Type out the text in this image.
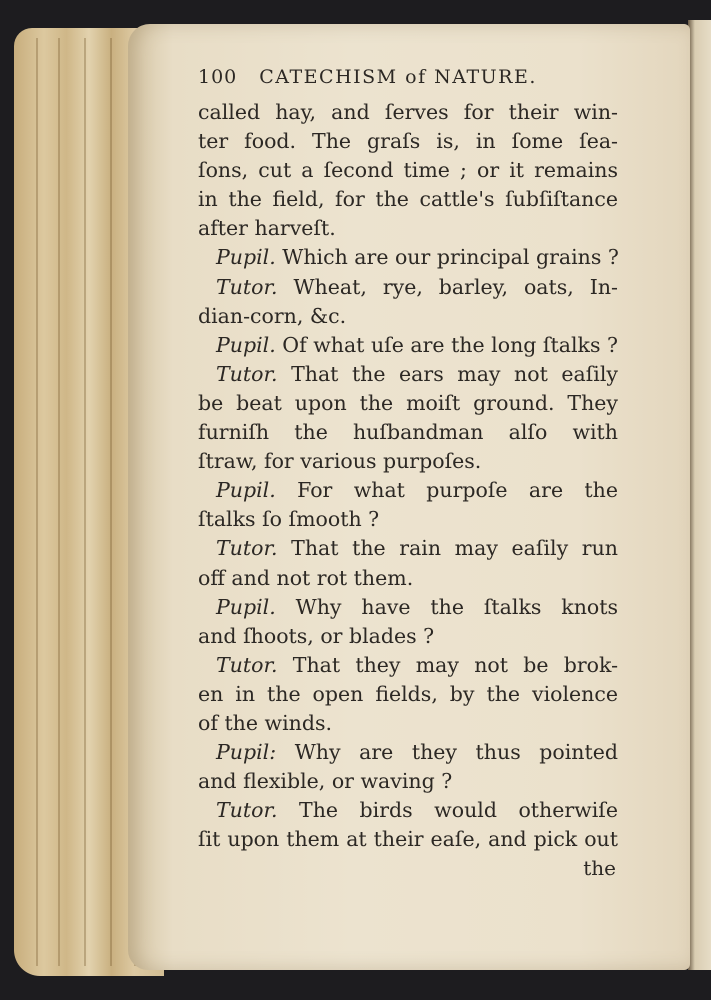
100 CATECHISM of NATURE.
called hay, and ſerves for their win-
ter food. The graſs is, in ſome ſea-
ſons, cut a ſecond time ; or it remains
in the field, for the cattle's ſubſiſtance
after harveſt.
Pupil. Which are our principal grains ?
Tutor. Wheat, rye, barley, oats, In-
dian-corn, &c.
Pupil. Of what uſe are the long ſtalks ?
Tutor. That the ears may not eaſily
be beat upon the moiſt ground. They
furniſh the huſbandman alſo with
ſtraw, for various purpoſes.
Pupil. For what purpoſe are the
ſtalks ſo ſmooth ?
Tutor. That the rain may eaſily run
off and not rot them.
Pupil. Why have the ſtalks knots
and ſhoots, or blades ?
Tutor. That they may not be brok-
en in the open fields, by the violence
of the winds.
Pupil: Why are they thus pointed
and flexible, or waving ?
Tutor. The birds would otherwiſe
ſit upon them at their eaſe, and pick out
the
